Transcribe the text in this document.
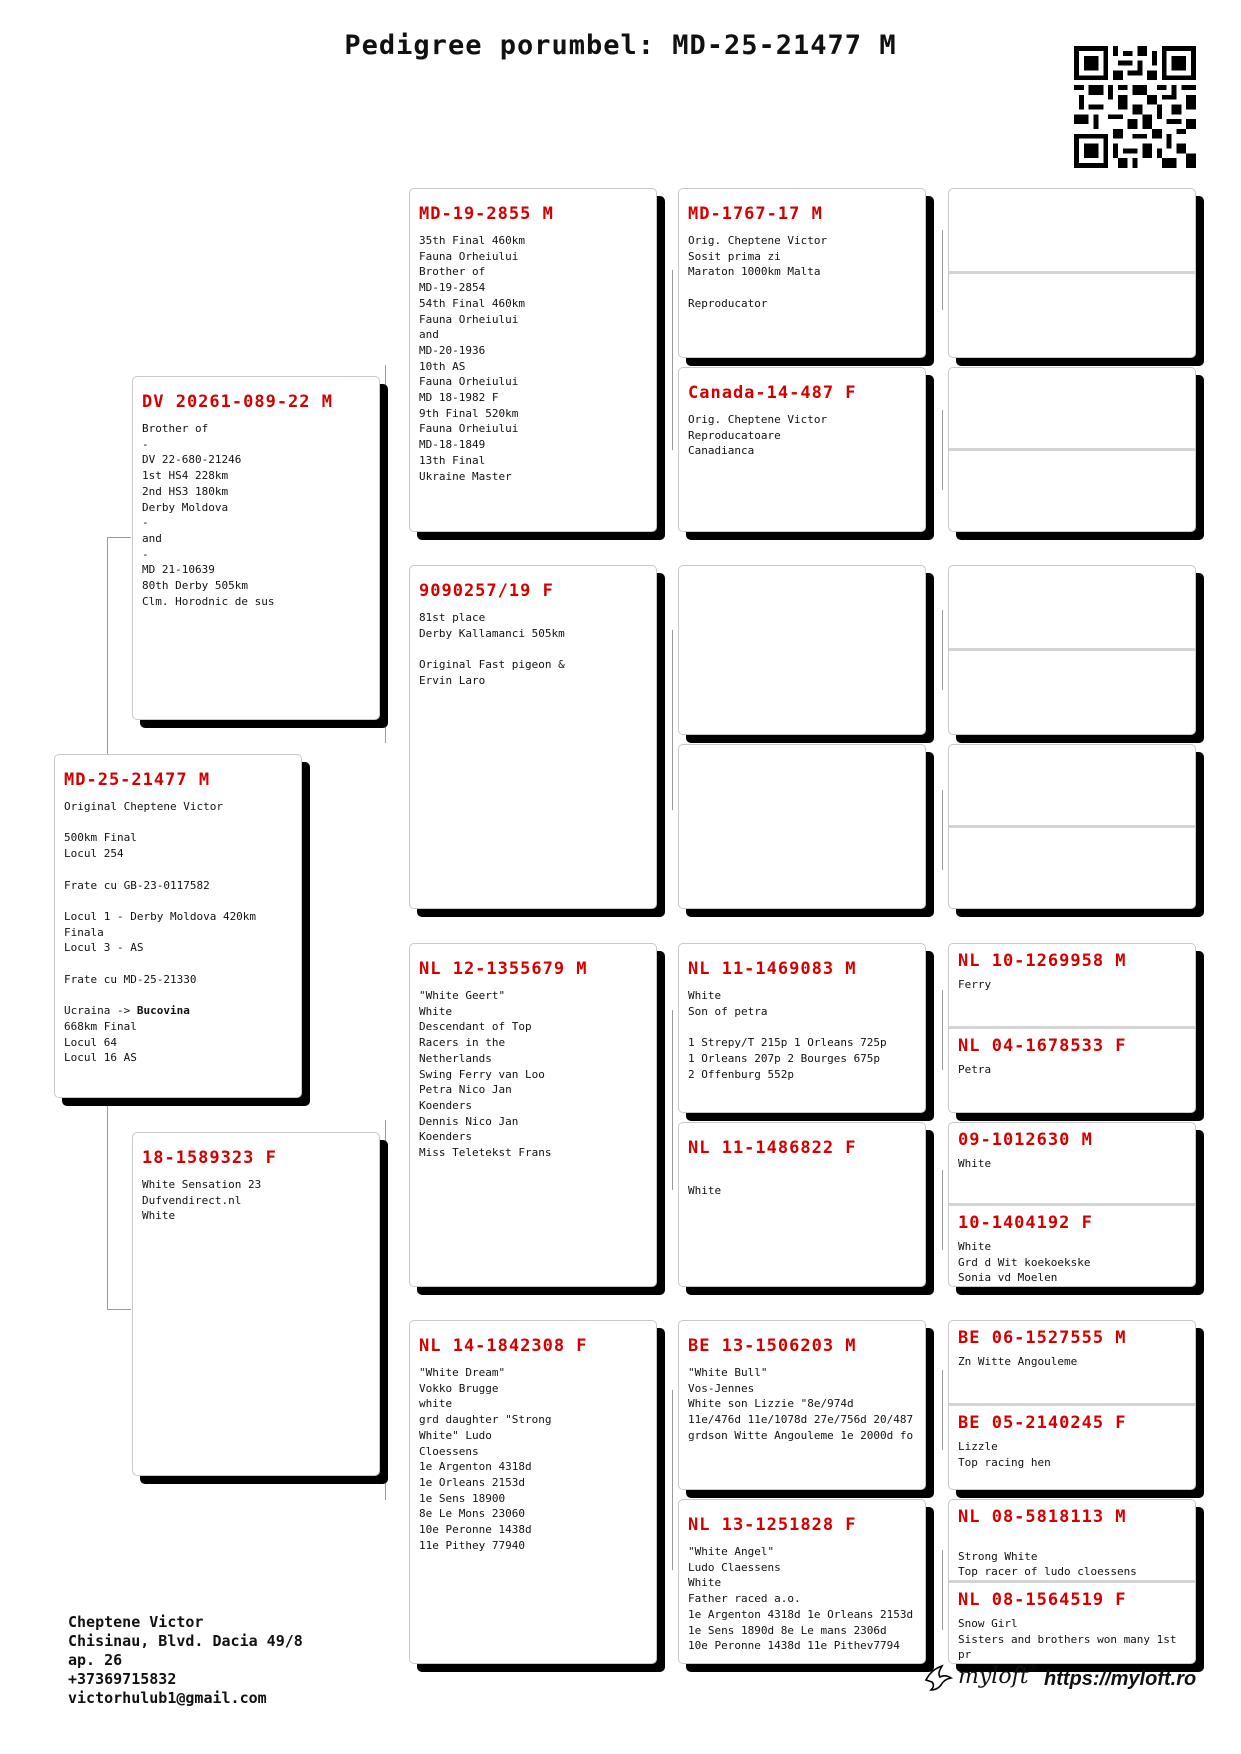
Pedigree porumbel: MD-25-21477 M
MD-25-21477 M
Original Cheptene Victor

500km Final
Locul 254

Frate cu GB-23-0117582

Locul 1 - Derby Moldova 420km Finala
Locul 3 - AS

Frate cu MD-25-21330

Ucraina -> Bucovina
668km Final
Locul 64
Locul 16 AS
DV 20261-089-22 M
Brother of
-
DV 22-680-21246
1st HS4 228km
2nd HS3 180km
Derby Moldova
-
and
-
MD 21-10639
80th Derby 505km
Clm. Horodnic de sus
18-1589323 F
White Sensation 23
Dufvendirect.nl
White
MD-19-2855 M
35th Final 460km
Fauna Orheiului
Brother of
MD-19-2854
54th Final 460km
Fauna Orheiului
and
MD-20-1936
10th AS
Fauna Orheiului
MD 18-1982 F
9th Final 520km
Fauna Orheiului
MD-18-1849
13th Final
Ukraine Master
9090257/19 F
81st place
Derby Kallamanci 505km

Original Fast pigeon &
Ervin Laro
NL 12-1355679 M
"White Geert"
White
Descendant of Top
Racers in the
Netherlands
Swing Ferry van Loo
Petra Nico Jan
Koenders
Dennis Nico Jan
Koenders
Miss Teletekst Frans
NL 14-1842308 F
"White Dream"
Vokko Brugge
white
grd daughter "Strong
White" Ludo
Cloessens
1e Argenton 4318d
1e Orleans 2153d
1e Sens 18900
8e Le Mons 23060
10e Peronne 1438d
11e Pithey 77940
MD-1767-17 M
Orig. Cheptene Victor
Sosit prima zi
Maraton 1000km Malta

Reproducator
Canada-14-487 F
Orig. Cheptene Victor
Reproducatoare
Canadianca
NL 11-1469083 M
White
Son of petra

1 Strepy/T 215p 1 Orleans 725p
1 Orleans 207p 2 Bourges 675p
2 Offenburg 552p
NL 11-1486822 F

White
BE 13-1506203 M
"White Bull"
Vos-Jennes
White son Lizzie "8e/974d
11e/476d 11e/1078d 27e/756d 20/487
grdson Witte Angouleme 1e 2000d fo
NL 13-1251828 F
"White Angel"
Ludo Claessens
White
Father raced a.o.
1e Argenton 4318d 1e Orleans 2153d
1e Sens 1890d 8e Le mans 2306d
10e Peronne 1438d 11e Pithev7794
NL 10-1269958 M
Ferry
NL 04-1678533 F
Petra
09-1012630 M
White
10-1404192 F
White
Grd d Wit koekoekske
Sonia vd Moelen
BE 06-1527555 M
Zn Witte Angouleme
BE 05-2140245 F
Lizzle
Top racing hen
NL 08-5818113 M

Strong White
Top racer of ludo cloessens
NL 08-1564519 F
Snow Girl
Sisters and brothers won many 1st pr

Cheptene Victor
Chisinau, Blvd. Dacia 49/8
ap. 26
+37369715832
victorhulub1@gmail.com
myloft® https://myloft.ro
